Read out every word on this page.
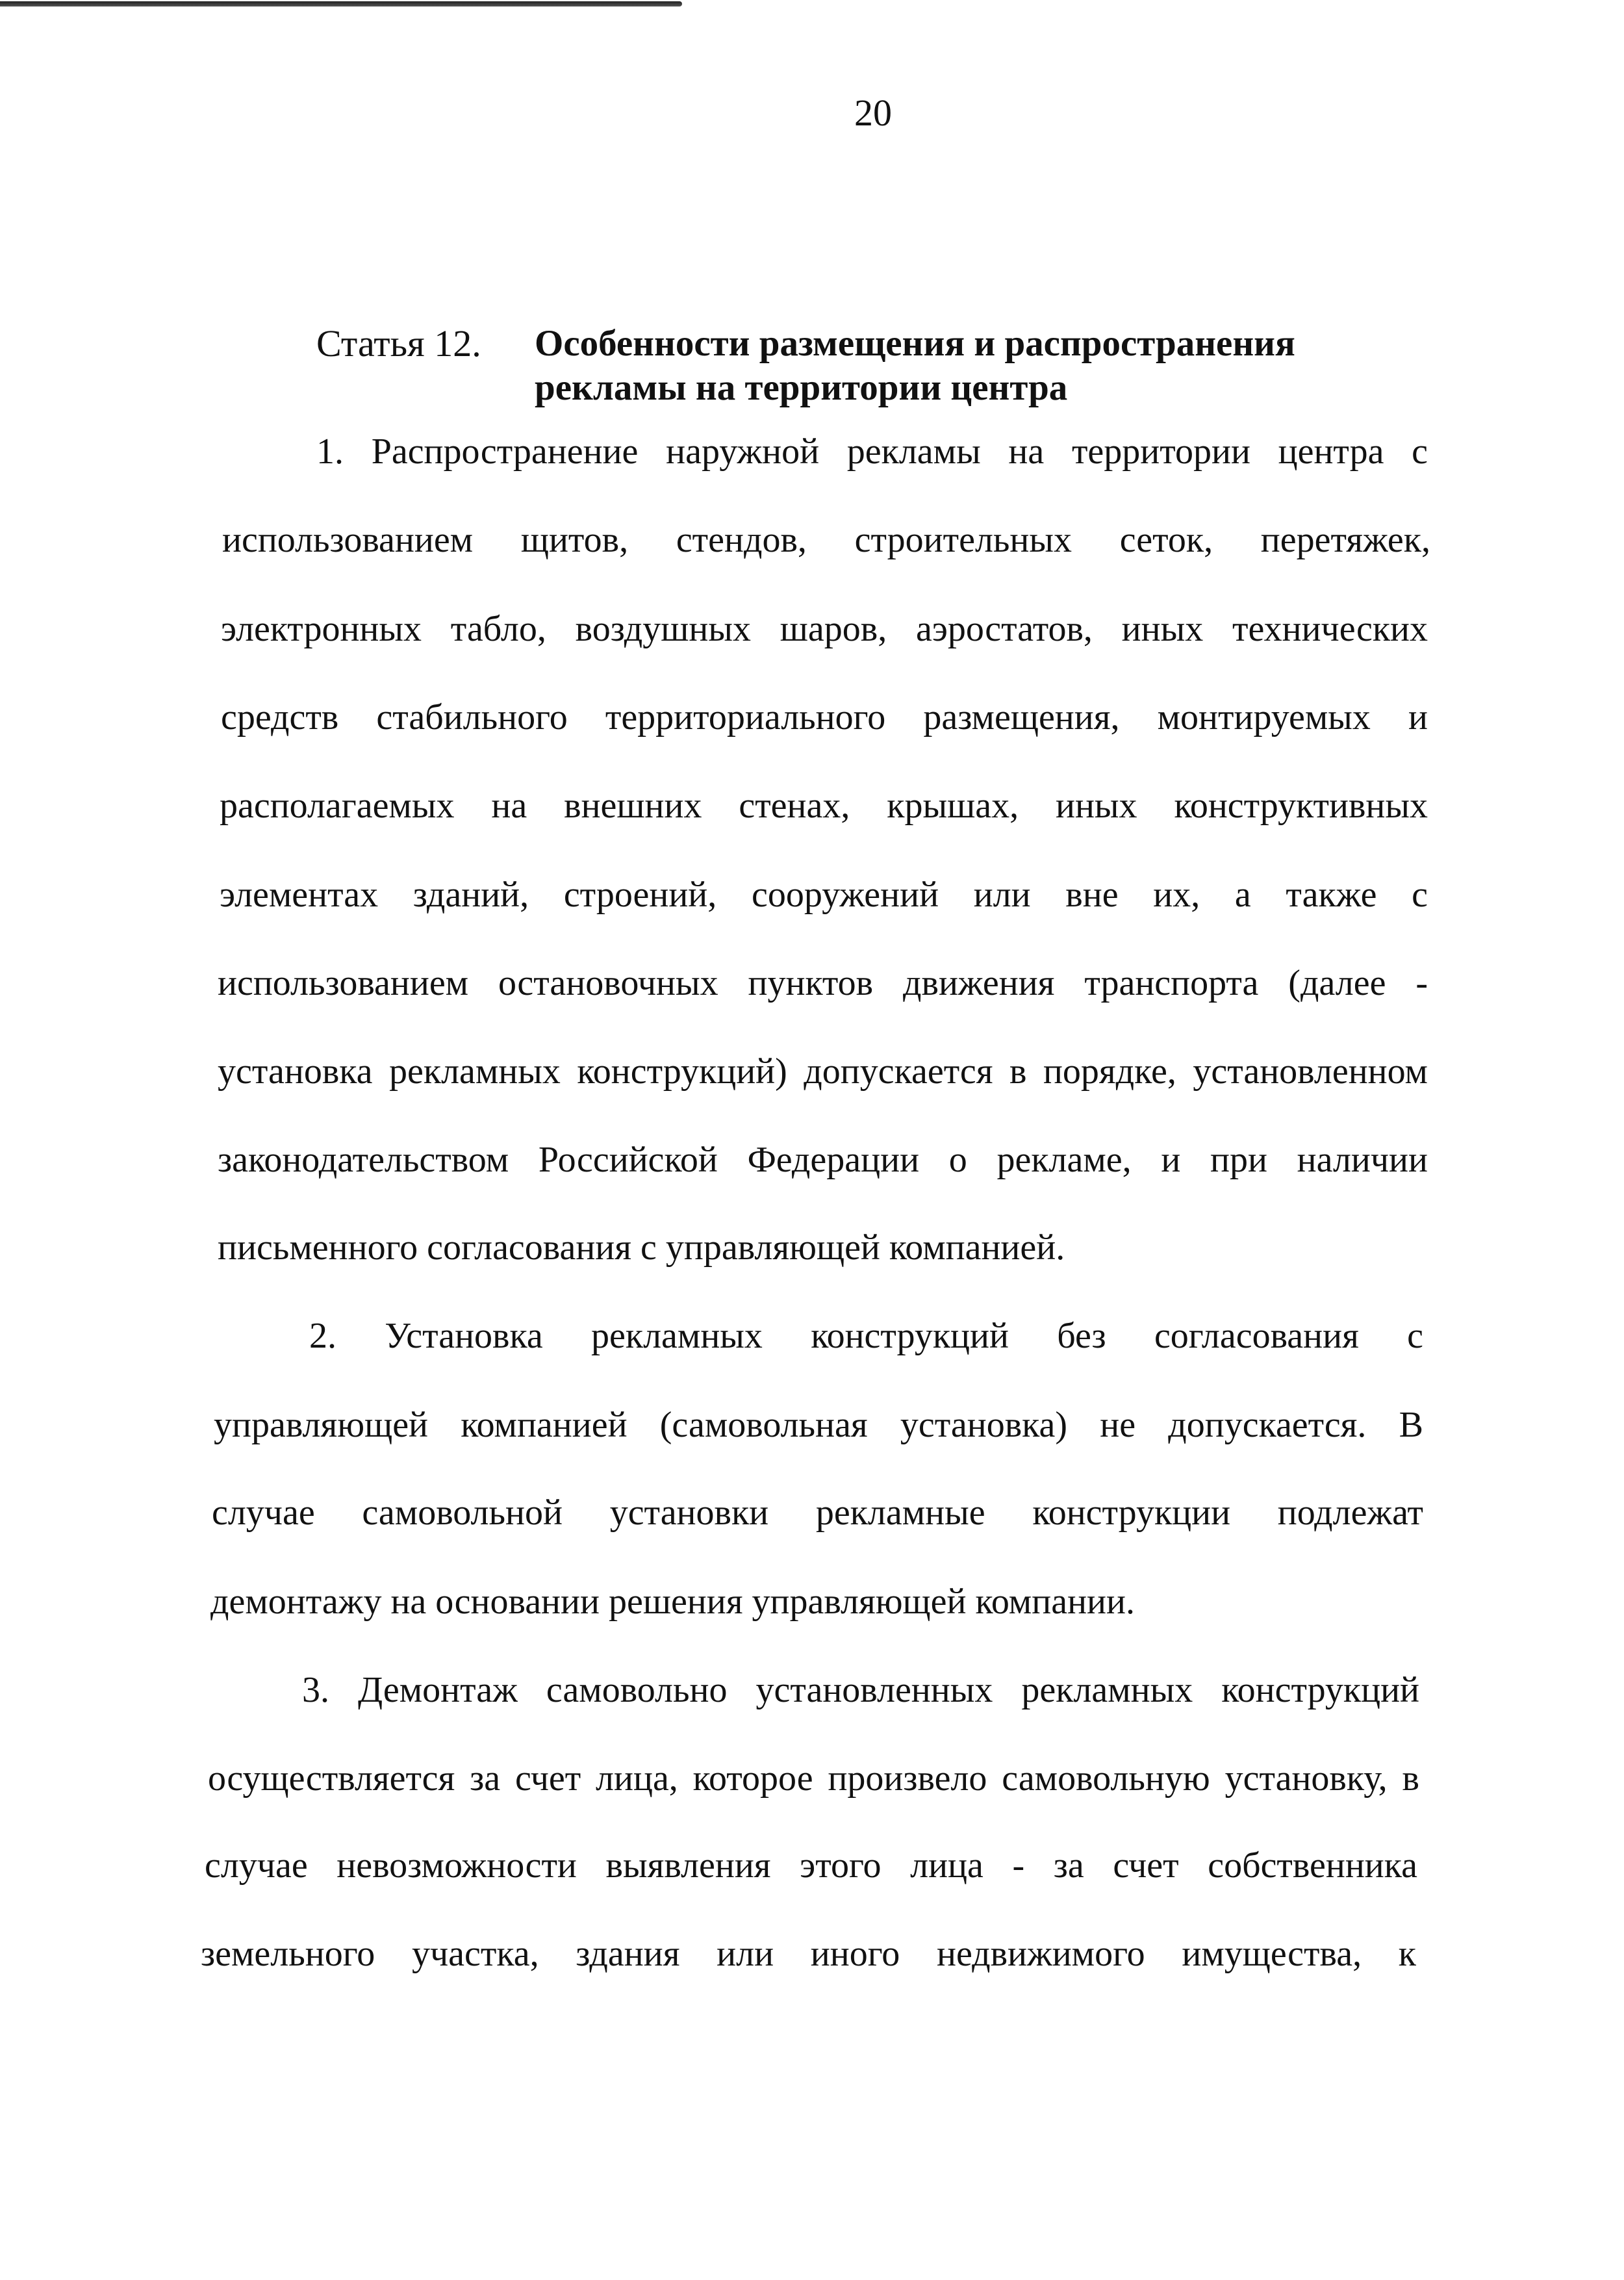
20
Статья 12. Особенности размещения и распространения
рекламы на территории центра
1. Распространение наружной рекламы на территории центра с
использованием щитов, стендов, строительных сеток, перетяжек,
электронных табло, воздушных шаров, аэростатов, иных технических
средств стабильного территориального размещения, монтируемых и
располагаемых на внешних стенах, крышах, иных конструктивных
элементах зданий, строений, сооружений или вне их, а также с
использованием остановочных пунктов движения транспорта (далее -
установка рекламных конструкций) допускается в порядке, установленном
законодательством Российской Федерации о рекламе, и при наличии
письменного согласования с управляющей компанией.
2. Установка рекламных конструкций без согласования с
управляющей компанией (самовольная установка) не допускается. В
случае самовольной установки рекламные конструкции подлежат
демонтажу на основании решения управляющей компании.
3. Демонтаж самовольно установленных рекламных конструкций
осуществляется за счет лица, которое произвело самовольную установку, в
случае невозможности выявления этого лица - за счет собственника
земельного участка, здания или иного недвижимого имущества, к
